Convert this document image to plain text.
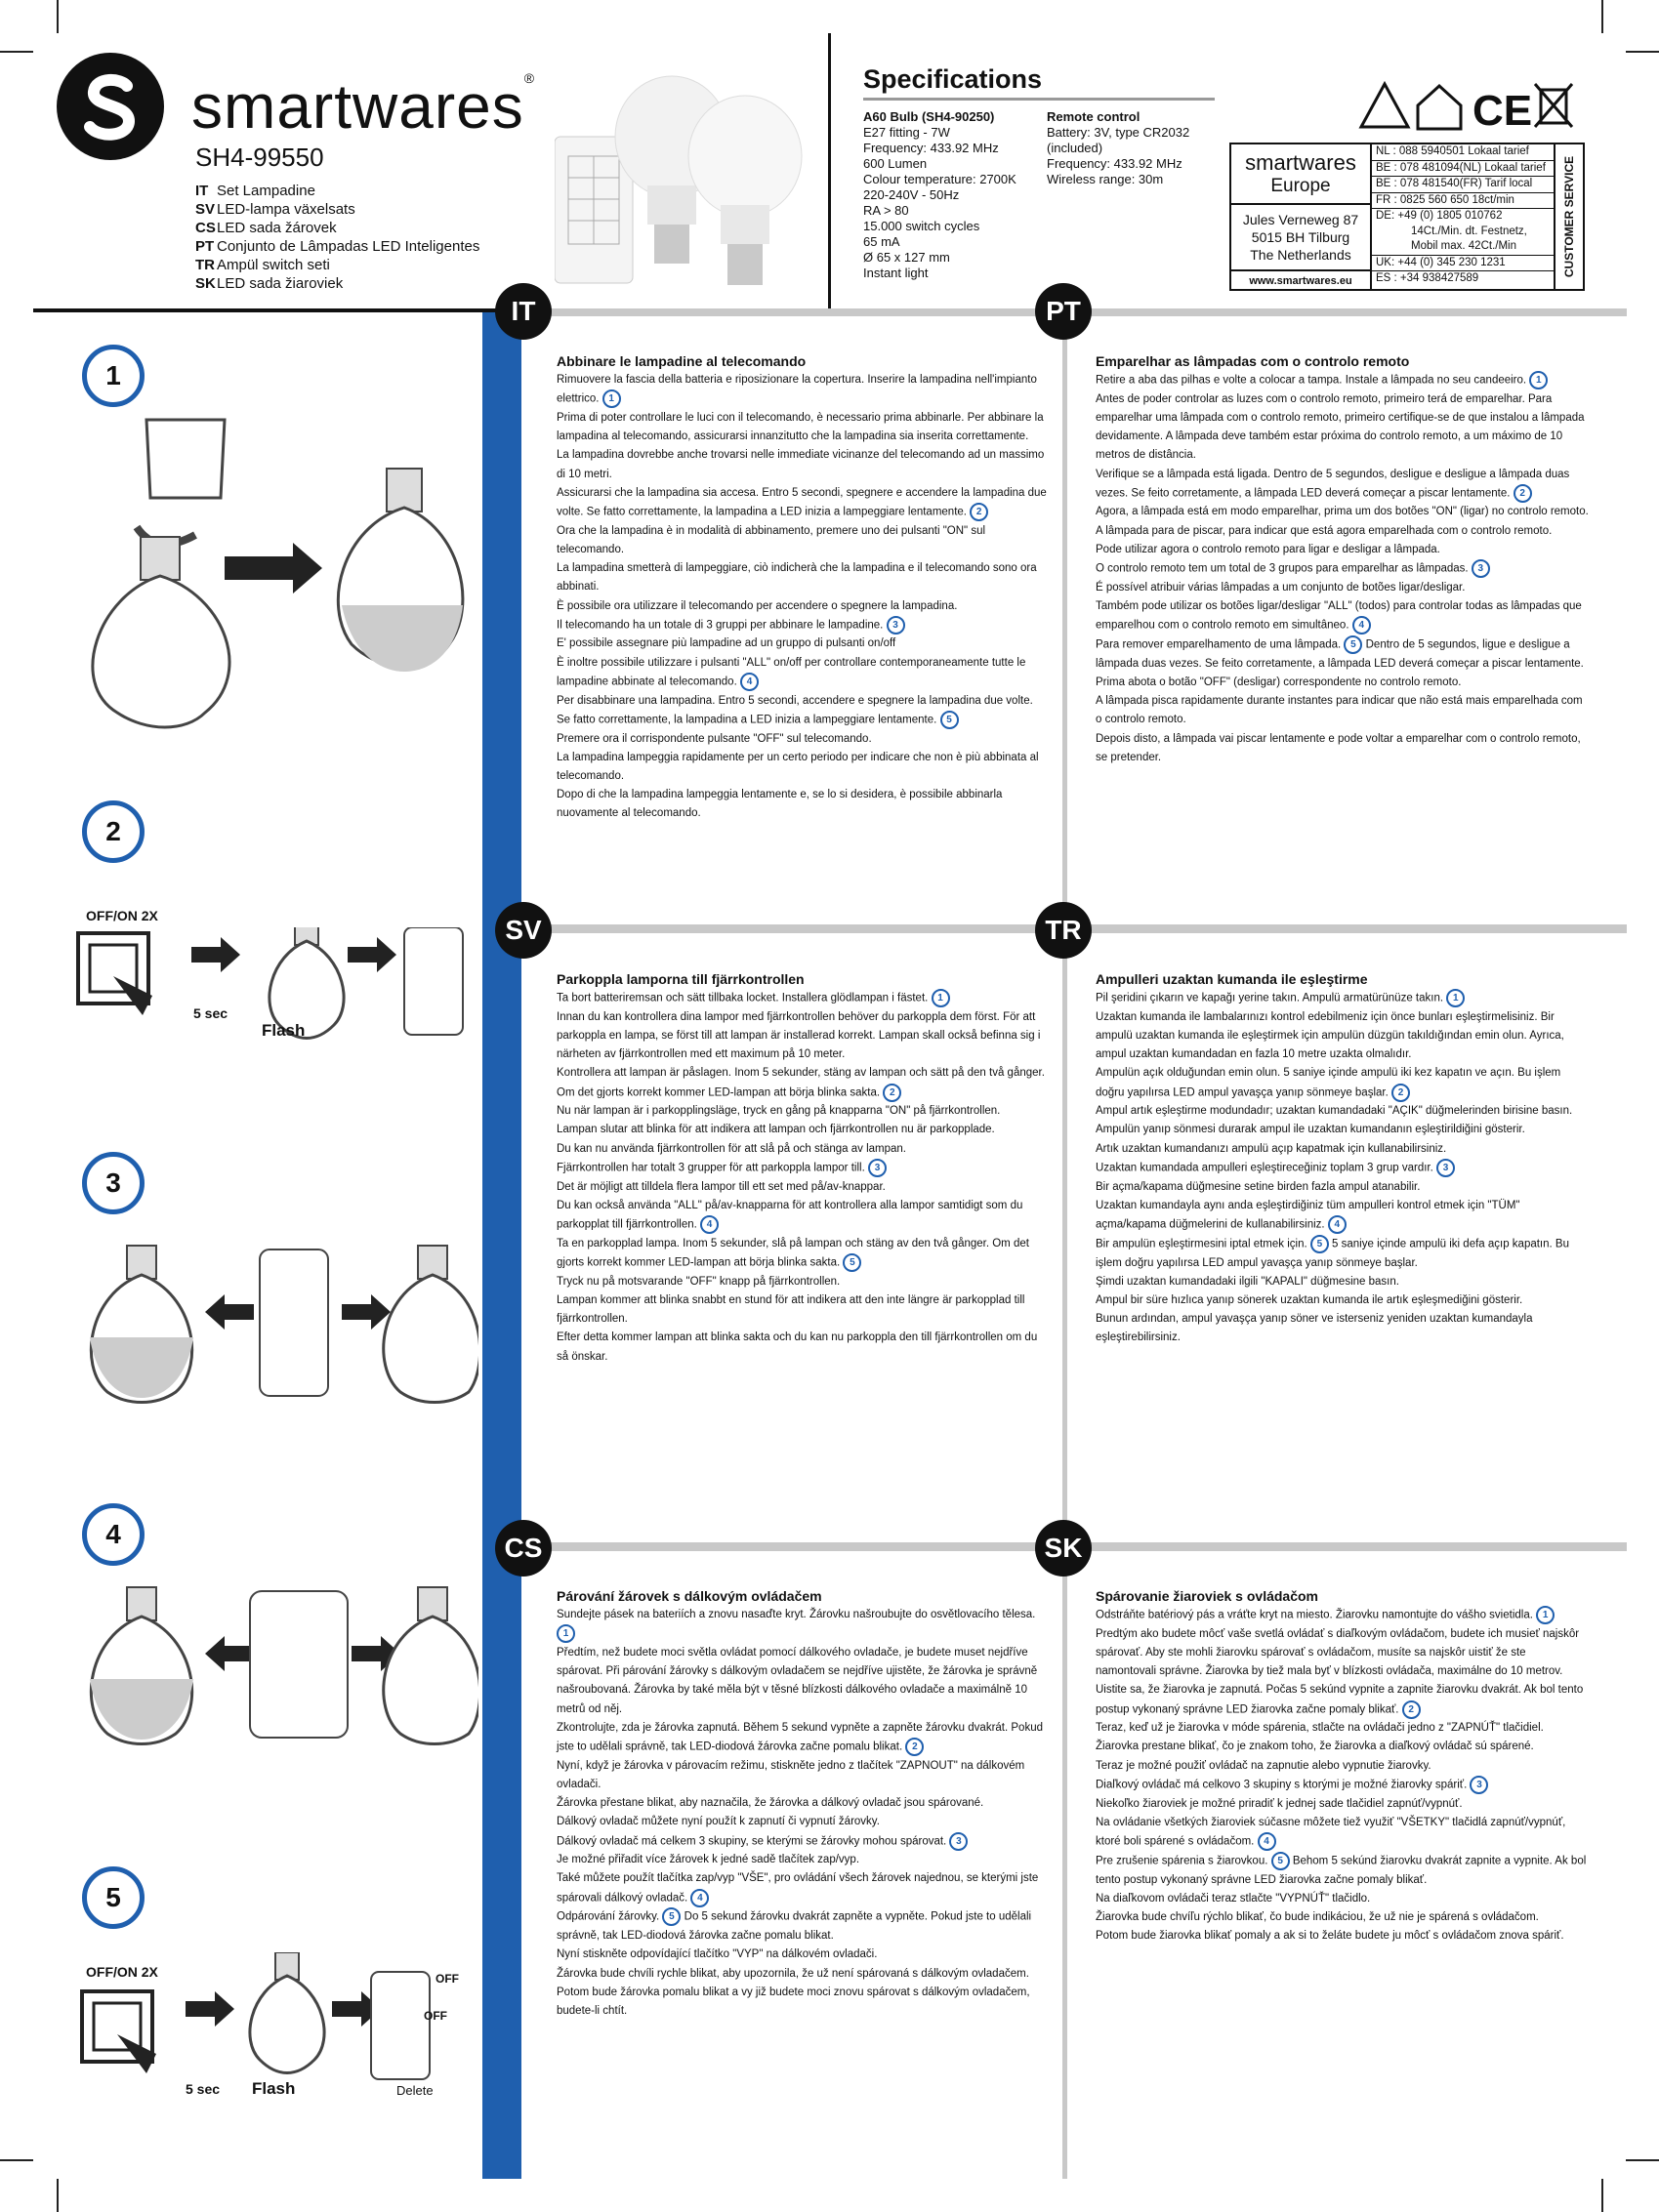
smartwares®
SH4-99550
IT Set Lampadine
SV LED-lampa växelsats
CSLED sada žárovek
PT Conjunto de Lâmpadas LED Inteligentes
TR Ampül switch seti
SKLED sada žiaroviek
Specifications
A60 Bulb (SH4-90250)
E27 fitting - 7W
Frequency: 433.92 MHz
600 Lumen
Colour temperature: 2700K
220-240V - 50Hz
RA > 80
15.000 switch cycles
65 mA
Ø 65 x 127 mm
Instant light
Remote control
Battery: 3V, type CR2032
(included)
Frequency: 433.92 MHz
Wireless range: 30m
CE
smartwares
Europe
Jules Verneweg 87
5015 BH Tilburg
The Netherlands
www.smartwares.eu
NL : 088 5940501 Lokaal tarief
BE : 078 481094(NL) Lokaal tarief
BE : 078 481540(FR) Tarif local
FR : 0825 560 650 18ct/min
DE: +49 (0) 1805 010762
14Ct./Min. dt. Festnetz,
Mobil max. 42Ct./Min
UK: +44 (0) 345 230 1231
ES : +34 938427589
CUSTOMER SERVICE
IT	PT
SV	TR
CS	SK
Abbinare le lampadine al telecomando

Rimuovere la fascia della batteria e riposizionare la copertura. Inserire la lampadina nell'impianto elettrico. 1

Prima di poter controllare le luci con il telecomando, è necessario prima abbinarle. Per abbinare la lampadina al telecomando, assicurarsi innanzitutto che la lampadina sia inserita correttamente.

La lampadina dovrebbe anche trovarsi nelle immediate vicinanze del telecomando ad un massimo di 10 metri.

Assicurarsi che la lampadina sia accesa. Entro 5 secondi, spegnere e accendere la lampadina due volte. Se fatto correttamente, la lampadina a LED inizia a lampeggiare lentamente. 2

Ora che la lampadina è in modalità di abbinamento, premere uno dei pulsanti "ON" sul telecomando.

La lampadina smetterà di lampeggiare, ciò indicherà che la lampadina e il telecomando sono ora abbinati.

È possibile ora utilizzare il telecomando per accendere o spegnere la lampadina.

Il telecomando ha un totale di 3 gruppi per abbinare le lampadine. 3

E' possibile assegnare più lampadine ad un gruppo di pulsanti on/off

È inoltre possibile utilizzare i pulsanti "ALL" on/off per controllare contemporaneamente tutte le lampadine abbinate al telecomando. 4

Per disabbinare una lampadina. Entro 5 secondi, accendere e spegnere la lampadina due volte. Se fatto correttamente, la lampadina a LED inizia a lampeggiare lentamente. 5

Premere ora il corrispondente pulsante "OFF" sul telecomando.

La lampadina lampeggia rapidamente per un certo periodo per indicare che non è più abbinata al telecomando.

Dopo di che la lampadina lampeggia lentamente e, se lo si desidera, è possibile abbinarla nuovamente al telecomando.

Emparelhar as lâmpadas com o controlo remoto

Retire a aba das pilhas e volte a colocar a tampa. Instale a lâmpada no seu candeeiro. 1

Antes de poder controlar as luzes com o controlo remoto, primeiro terá de emparelhar. Para emparelhar uma lâmpada com o controlo remoto, primeiro certifique-se de que instalou a lâmpada devidamente. A lâmpada deve também estar próxima do controlo remoto, a um máximo de 10 metros de distância.

Verifique se a lâmpada está ligada. Dentro de 5 segundos, desligue e desligue a lâmpada duas vezes. Se feito corretamente, a lâmpada LED deverá começar a piscar lentamente. 2

Agora, a lâmpada está em modo emparelhar, prima um dos botões "ON" (ligar) no controlo remoto.

A lâmpada para de piscar, para indicar que está agora emparelhada com o controlo remoto.

Pode utilizar agora o controlo remoto para ligar e desligar a lâmpada.

O controlo remoto tem um total de 3 grupos para emparelhar as lâmpadas. 3

É possível atribuir várias lâmpadas a um conjunto de botões ligar/desligar.

Também pode utilizar os botões ligar/desligar "ALL" (todos) para controlar todas as lâmpadas que emparelhou com o controlo remoto em simultâneo. 4

Para remover emparelhamento de uma lâmpada. 5 Dentro de 5 segundos, ligue e desligue a lâmpada duas vezes. Se feito corretamente, a lâmpada LED deverá começar a piscar lentamente.

Prima abota o botão "OFF" (desligar) correspondente no controlo remoto.

A lâmpada pisca rapidamente durante instantes para indicar que não está mais emparelhada com o controlo remoto.

Depois disto, a lâmpada vai piscar lentamente e pode voltar a emparelhar com o controlo remoto, se pretender.

Parkoppla lamporna till fjärrkontrollen

Ta bort batteriremsan och sätt tillbaka locket. Installera glödlampan i fästet. 1

Innan du kan kontrollera dina lampor med fjärrkontrollen behöver du parkoppla dem först. För att parkoppla en lampa, se först till att lampan är installerad korrekt. Lampan skall också befinna sig i närheten av fjärrkontrollen med ett maximum på 10 meter.

Kontrollera att lampan är påslagen. Inom 5 sekunder, stäng av lampan och sätt på den två gånger. Om det gjorts korrekt kommer LED-lampan att börja blinka sakta. 2

Nu när lampan är i parkopplingsläge, tryck en gång på knapparna "ON" på fjärrkontrollen.

Lampan slutar att blinka för att indikera att lampan och fjärrkontrollen nu är parkopplade.

Du kan nu använda fjärrkontrollen för att slå på och stänga av lampan.

Fjärrkontrollen har totalt 3 grupper för att parkoppla lampor till. 3

Det är möjligt att tilldela flera lampor till ett set med på/av-knappar.

Du kan också använda "ALL" på/av-knapparna för att kontrollera alla lampor samtidigt som du parkopplat till fjärrkontrollen. 4

Ta en parkopplad lampa. Inom 5 sekunder, slå på lampan och stäng av den två gånger. Om det gjorts korrekt kommer LED-lampan att börja blinka sakta. 5

Tryck nu på motsvarande "OFF" knapp på fjärrkontrollen.

Lampan kommer att blinka snabbt en stund för att indikera att den inte längre är parkopplad till fjärrkontrollen.

Efter detta kommer lampan att blinka sakta och du kan nu parkoppla den till fjärrkontrollen om du så önskar.

Ampulleri uzaktan kumanda ile eşleştirme

Pil şeridini çıkarın ve kapağı yerine takın. Ampulü armatürünüze takın. 1

Uzaktan kumanda ile lambalarınızı kontrol edebilmeniz için önce bunları eşleştirmelisiniz. Bir ampulü uzaktan kumanda ile eşleştirmek için ampulün düzgün takıldığından emin olun. Ayrıca, ampul uzaktan kumandadan en fazla 10 metre uzakta olmalıdır.

Ampulün açık olduğundan emin olun. 5 saniye içinde ampulü iki kez kapatın ve açın. Bu işlem doğru yapılırsa LED ampul yavaşça yanıp sönmeye başlar. 2

Ampul artık eşleştirme modundadır; uzaktan kumandadaki "AÇIK" düğmelerinden birisine basın.

Ampulün yanıp sönmesi durarak ampul ile uzaktan kumandanın eşleştirildiğini gösterir.

Artık uzaktan kumandanızı ampulü açıp kapatmak için kullanabilirsiniz.

Uzaktan kumandada ampulleri eşleştireceğiniz toplam 3 grup vardır. 3

Bir açma/kapama düğmesine setine birden fazla ampul atanabilir.

Uzaktan kumandayla aynı anda eşleştirdiğiniz tüm ampulleri kontrol etmek için "TÜM" açma/kapama düğmelerini de kullanabilirsiniz. 4

Bir ampulün eşleştirmesini iptal etmek için. 5 5 saniye içinde ampulü iki defa açıp kapatın. Bu işlem doğru yapılırsa LED ampul yavaşça yanıp sönmeye başlar.

Şimdi uzaktan kumandadaki ilgili "KAPALI" düğmesine basın.

Ampul bir süre hızlıca yanıp sönerek uzaktan kumanda ile artık eşleşmediğini gösterir.

Bunun ardından, ampul yavaşça yanıp söner ve isterseniz yeniden uzaktan kumandayla eşleştirebilirsiniz.

Párování žárovek s dálkovým ovládačem

Sundejte pásek na bateriích a znovu nasaďte kryt. Žárovku našroubujte do osvětlovacího tělesa. 1

Předtím, než budete moci světla ovládat pomocí dálkového ovladače, je budete muset nejdříve spárovat. Při párování žárovky s dálkovým ovladačem se nejdříve ujistěte, že žárovka je správně našroubovaná. Žárovka by také měla být v těsné blízkosti dálkového ovladače a maximálně 10 metrů od něj.

Zkontrolujte, zda je žárovka zapnutá. Během 5 sekund vypněte a zapněte žárovku dvakrát. Pokud jste to udělali správně, tak LED-diodová žárovka začne pomalu blikat. 2

Nyní, když je žárovka v párovacím režimu, stiskněte jedno z tlačítek "ZAPNOUT" na dálkovém ovladači.

Žárovka přestane blikat, aby naznačila, že žárovka a dálkový ovladač jsou spárované.

Dálkový ovladač můžete nyní použít k zapnutí či vypnutí žárovky.

Dálkový ovladač má celkem 3 skupiny, se kterými se žárovky mohou spárovat. 3

Je možné přiřadit více žárovek k jedné sadě tlačítek zap/vyp.

Také můžete použít tlačítka zap/vyp "VŠE", pro ovládání všech žárovek najednou, se kterými jste spárovali dálkový ovladač. 4

Odpárování žárovky. 5 Do 5 sekund žárovku dvakrát zapněte a vypněte. Pokud jste to udělali správně, tak LED-diodová žárovka začne pomalu blikat.

Nyní stiskněte odpovídající tlačítko "VYP" na dálkovém ovladači.

Žárovka bude chvíli rychle blikat, aby upozornila, že už není spárovaná s dálkovým ovladačem.

Potom bude žárovka pomalu blikat a vy již budete moci znovu spárovat s dálkovým ovladačem, budete-li chtít.

Spárovanie žiaroviek s ovládačom

Odstráňte batériový pás a vráťte kryt na miesto. Žiarovku namontujte do vášho svietidla. 1

Predtým ako budete môcť vaše svetlá ovládať s diaľkovým ovládačom, budete ich musieť najskôr spárovať. Aby ste mohli žiarovku spárovať s ovládačom, musíte sa najskôr uistiť že ste namontovali správne. Žiarovka by tiež mala byť v blízkosti ovládača, maximálne do 10 metrov.

Uistite sa, že žiarovka je zapnutá. Počas 5 sekúnd vypnite a zapnite žiarovku dvakrát. Ak bol tento postup vykonaný správne LED žiarovka začne pomaly blikať. 2

Teraz, keď už je žiarovka v móde spárenia, stlačte na ovládači jedno z "ZAPNÚŤ" tlačidiel.

Žiarovka prestane blikať, čo je znakom toho, že žiarovka a diaľkový ovládač sú spárené.

Teraz je možné použiť ovládač na zapnutie alebo vypnutie žiarovky.

Diaľkový ovládač má celkovo 3 skupiny s ktorými je možné žiarovky spáriť. 3

Niekoľko žiaroviek je možné priradiť k jednej sade tlačidiel zapnúť/vypnúť.

Na ovládanie všetkých žiaroviek súčasne môžete tiež využiť "VŠETKY" tlačidlá zapnúť/vypnúť, ktoré boli spárené s ovládačom. 4

Pre zrušenie spárenia s žiarovkou. 5 Behom 5 sekúnd žiarovku dvakrát zapnite a vypnite. Ak bol tento postup vykonaný správne LED žiarovka začne pomaly blikať.

Na diaľkovom ovládači teraz stlačte "VYPNÚŤ" tlačidlo.

Žiarovka bude chvíľu rýchlo blikať, čo bude indikáciou, že už nie je spárená s ovládačom.

Potom bude žiarovka blikať pomaly a ak si to želáte budete ju môcť s ovládačom znova spáriť.

1
2
3
4
5
OFF/ON 2X
5 sec
Flash
OFF/ON 2X	OFF
OFF
5 sec Flash	Delete
